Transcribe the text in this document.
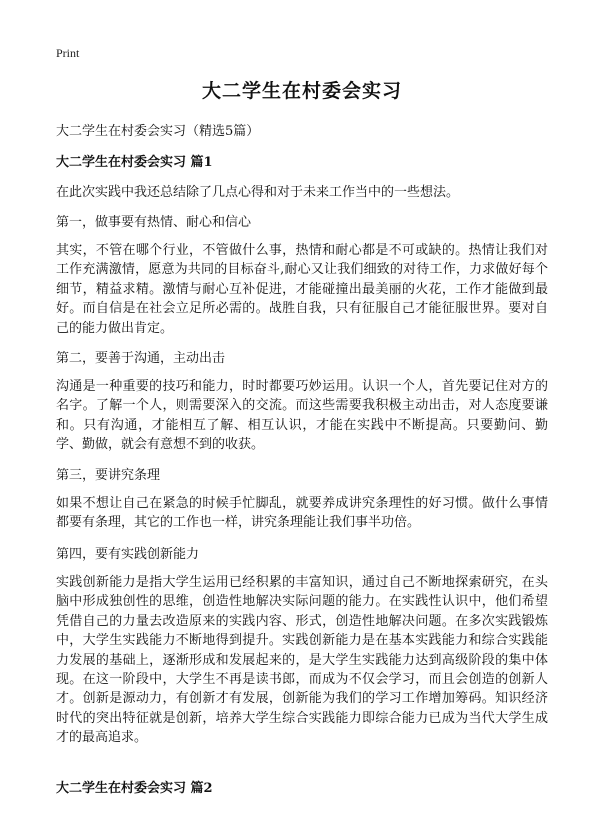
Print
大二学生在村委会实习
大二学生在村委会实习（精选5篇）
大二学生在村委会实习 篇1
在此次实践中我还总结除了几点心得和对于未来工作当中的一些想法。
第一，做事要有热情、耐心和信心
其实，不管在哪个行业，不管做什么事，热情和耐心都是不可或缺的。热情让我们对工作充满激情，愿意为共同的目标奋斗,耐心又让我们细致的对待工作，力求做好每个细节，精益求精。激情与耐心互补促进，才能碰撞出最美丽的火花，工作才能做到最好。而自信是在社会立足所必需的。战胜自我，只有征服自己才能征服世界。要对自己的能力做出肯定。
第二，要善于沟通，主动出击
沟通是一种重要的技巧和能力，时时都要巧妙运用。认识一个人，首先要记住对方的名字。了解一个人，则需要深入的交流。而这些需要我积极主动出击，对人态度要谦和。只有沟通，才能相互了解、相互认识，才能在实践中不断提高。只要勤问、勤学、勤做，就会有意想不到的收获。
第三，要讲究条理
如果不想让自己在紧急的时候手忙脚乱，就要养成讲究条理性的好习惯。做什么事情都要有条理，其它的工作也一样，讲究条理能让我们事半功倍。
第四，要有实践创新能力
实践创新能力是指大学生运用已经积累的丰富知识，通过自己不断地探索研究，在头脑中形成独创性的思维，创造性地解决实际问题的能力。在实践性认识中，他们希望凭借自己的力量去改造原来的实践内容、形式，创造性地解决问题。在多次实践锻炼中，大学生实践能力不断地得到提升。实践创新能力是在基本实践能力和综合实践能力发展的基础上，逐渐形成和发展起来的，是大学生实践能力达到高级阶段的集中体现。在这一阶段中，大学生不再是读书郎，而成为不仅会学习，而且会创造的创新人才。创新是源动力，有创新才有发展，创新能为我们的学习工作增加筹码。知识经济时代的突出特征就是创新，培养大学生综合实践能力即综合能力已成为当代大学生成才的最高追求。
大二学生在村委会实习 篇2
